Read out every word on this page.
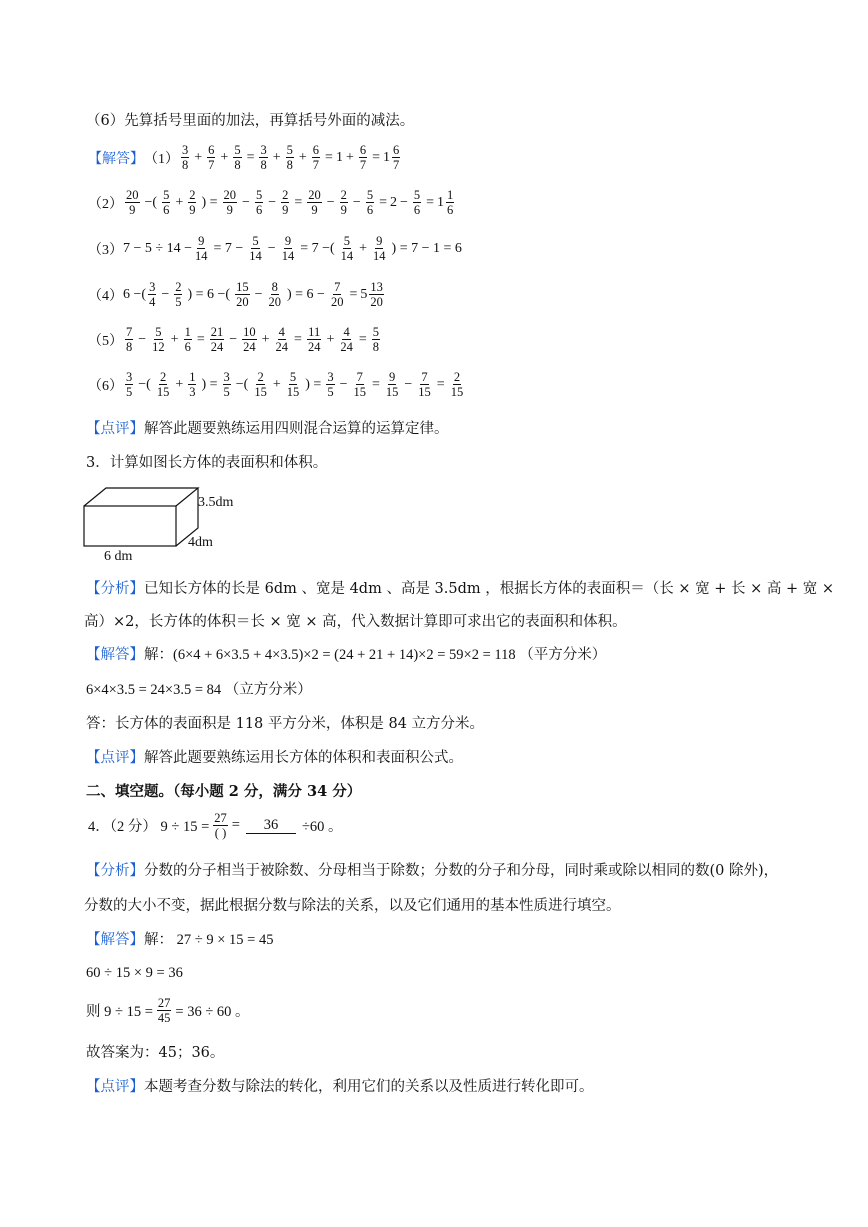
（6）先算括号里面的加法，再算括号外面的减法。
【解答】 $(1) \frac{3}{8} + \frac{6}{7} + \frac{5}{8} = \frac{3}{8} + \frac{5}{8} + \frac{6}{7} = 1 + \frac{6}{7} = 1 \frac{6}{7}$
$(2) \frac{20}{9}$ −( $\frac{5}{6} + \frac{2}{9}$ ) = $\frac{20}{9} - \frac{5}{6} - \frac{2}{9} = \frac{20}{9} - \frac{2}{9} - \frac{5}{6} = 2 - \frac{5}{6} = 1 \frac{1}{6}$
（3） $7 - 5 \div 14 - \frac{9}{14} = 7 - \frac{5}{14} - \frac{9}{14} = 7$ −( $\frac{5}{14} + \frac{9}{14}$ ) = 7 − 1 = 6
（4） 6 −( $\frac{3}{4} - \frac{2}{5}$ ) = 6 −( $\frac{15}{20} - \frac{8}{20}$ ) = $6 - \frac{7}{20} = 5 \frac{13}{20}$
$(5) \frac{7}{8} - \frac{5}{12} + \frac{1}{6} = \frac{21}{24} - \frac{10}{24} + \frac{4}{24} = \frac{11}{24} + \frac{4}{24} = \frac{5}{8}$
$(6) \frac{3}{5}$ −( $\frac{2}{15} + \frac{1}{3}$ ) = $\frac{3}{5}$ −( $\frac{2}{15} + \frac{5}{15}$ ) = $\frac{3}{5} - \frac{7}{15} = \frac{9}{15} - \frac{7}{15} = \frac{2}{15}$
【点评】解答此题要熟练运用四则混合运算的运算定律。
3．计算如图长方体的表面积和体积。
3.5dm
4dm
6 dm
【分析】已知长方体的长是 6dm 、宽是 4dm 、高是 3.5dm ，根据长方体的表面积＝（长 × 宽 + 长 × 高 + 宽 ×
高）×2，长方体的体积＝长 × 宽 × 高，代入数据计算即可求出它的表面积和体积。
【解答】解：(6×4 + 6×3.5 + 4×3.5)×2 = (24 + 21 + 14)×2 = 59×2 = 118 （平方分米）
6×4×3.5 = 24×3.5 = 84 （立方分米）
答：长方体的表面积是 118 平方分米，体积是 84 立方分米。
【点评】解答此题要熟练运用长方体的体积和表面积公式。
二、填空题。（每小题 2 分，满分 34 分）
4．（2 分） $9 \div 15 = \frac{27}{( )}$ =	36	÷60 。
【分析】分数的分子相当于被除数、分母相当于除数；分数的分子和分母，同时乘或除以相同的数(0 除外)，
分数的大小不变，据此根据分数与除法的关系，以及它们通用的基本性质进行填空。
【解答】解： 27 ÷ 9 × 15 = 45
60 ÷ 15 × 9 = 36
则 $9 \div 15 = \frac{27}{45} = 36 \div 60$ 。
故答案为：45；36。
【点评】本题考查分数与除法的转化，利用它们的关系以及性质进行转化即可。
